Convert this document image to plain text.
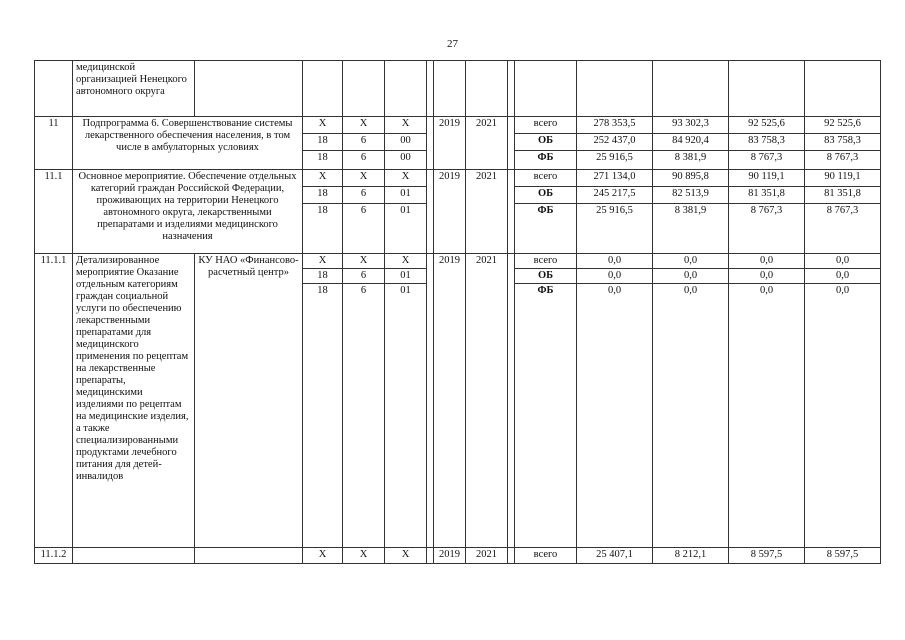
27
	медицинской организацией Ненецкого автономного округа													
11	Подпрограмма 6. Совершенствование системы лекарственного обеспечения населения, в том числе в амбулаторных условиях		Х	Х	Х		2019	2021		всего	278 353,5	93 302,3	92 525,6	92 525,6
			18	6	00					ОБ	252 437,0	84 920,4	83 758,3	83 758,3
			18	6	00					ФБ	25 916,5	8 381,9	8 767,3	8 767,3
11.1	Основное мероприятие. Обеспечение отдельных категорий граждан Российской Федерации, проживающих на территории Ненецкого автономного округа, лекарственными препаратами и изделиями медицинского назначения		Х	Х	Х		2019	2021		всего	271 134,0	90 895,8	90 119,1	90 119,1
			18	6	01					ОБ	245 217,5	82 513,9	81 351,8	81 351,8
			18	6	01					ФБ	25 916,5	8 381,9	8 767,3	8 767,3
11.1.1	Детализированное мероприятие Оказание отдельным категориям граждан социальной услуги по обеспечению лекарственными препаратами для медицинского применения по рецептам на лекарственные препараты, медицинскими изделиями по рецептам на медицинские изделия, а также специализированными продуктами лечебного питания для детей-инвалидов	КУ НАО «Финансово-расчетный центр»	Х	Х	Х		2019	2021		всего	0,0	0,0	0,0	0,0
			18	6	01					ОБ	0,0	0,0	0,0	0,0
			18	6	01					ФБ	0,0	0,0	0,0	0,0
11.1.2			Х	Х	Х		2019	2021		всего	25 407,1	8 212,1	8 597,5	8 597,5
